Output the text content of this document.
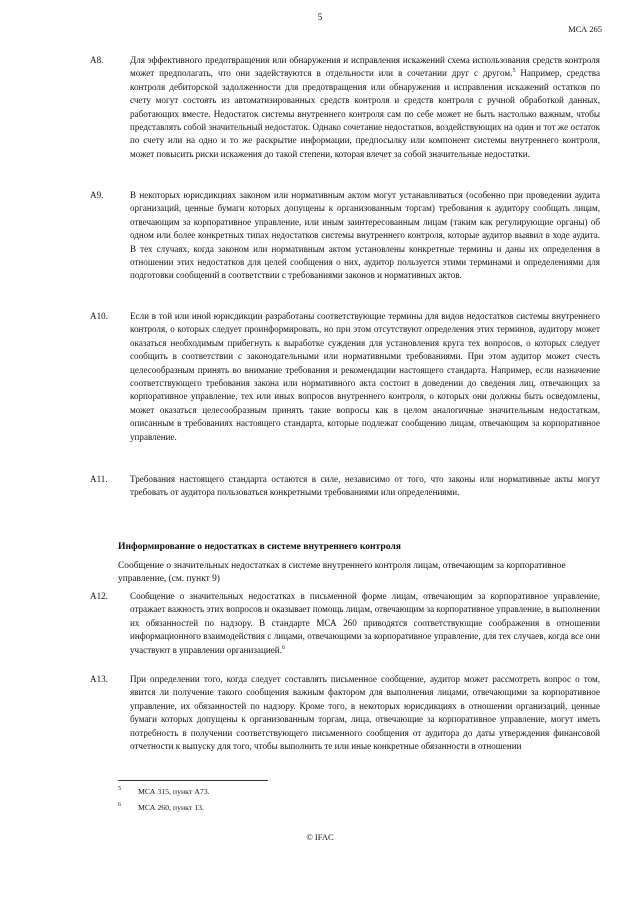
5
МСА 265
A8.	Для эффективного предотвращения или обнаружения и исправления искажений схема использования средств контроля может предполагать, что они задействуются в отдельности или в сочетании друг с другом.$^5$ Например, средства контроля дебиторской задолженности для предотвращения или обнаружения и исправления искажений остатков по счету могут состоять из автоматизированных средств контроля и средств контроля с ручной обработкой данных, работающих вместе. Недостаток системы внутреннего контроля сам по себе может не быть настолько важным, чтобы представлять собой значительный недостаток. Однако сочетание недостатков, воздействующих на один и тот же остаток по счету или на одно и то же раскрытие информации, предпосылку или компонент системы внутреннего контроля, может повысить риски искажения до такой степени, которая влечет за собой значительные недостатки.
A9.	В некоторых юрисдикциях законом или нормативным актом могут устанавливаться (особенно при проведении аудита организаций, ценные бумаги которых допущены к организованным торгам) требования к аудитору сообщать лицам, отвечающим за корпоративное управление, или иным заинтересованным лицам (таким как регулирующие органы) об одном или более конкретных типах недостатков системы внутреннего контроля, которые аудитор выявил в ходе аудита. В тех случаях, когда законом или нормативным актом установлены конкретные термины и даны их определения в отношении этих недостатков для целей сообщения о них, аудитор пользуется этими терминами и определениями для подготовки сообщений в соответствии с требованиями законов и нормативных актов.
A10.	Если в той или иной юрисдикции разработаны соответствующие термины для видов недостатков системы внутреннего контроля, о которых следует проинформировать, но при этом отсутствуют определения этих терминов, аудитору может оказаться необходимым прибегнуть к выработке суждения для установления круга тех вопросов, о которых следует сообщить в соответствии с законодательными или нормативными требованиями. При этом аудитор может счесть целесообразным принять во внимание требования и рекомендации настоящего стандарта. Например, если назначение соответствующего требования закона или нормативного акта состоит в доведении до сведения лиц, отвечающих за корпоративное управление, тех или иных вопросов внутреннего контроля, о которых они должны быть осведомлены, может оказаться целесообразным принять такие вопросы как в целом аналогичные значительным недостаткам, описанным в требованиях настоящего стандарта, которые подлежат сообщению лицам, отвечающим за корпоративное управление.
A11.	Требования настоящего стандарта остаются в силе, независимо от того, что законы или нормативные акты могут требовать от аудитора пользоваться конкретными требованиями или определениями.
Информирование о недостатках в системе внутреннего контроля
Сообщение о значительных недостатках в системе внутреннего контроля лицам, отвечающим за корпоративное управление, (см. пункт 9)
A12.	Сообщение о значительных недостатках в письменной форме лицам, отвечающим за корпоративное управление, отражает важность этих вопросов и оказывает помощь лицам, отвечающим за корпоративное управление, в выполнении их обязанностей по надзору. В стандарте МСА 260 приводятся соответствующие соображения в отношении информационного взаимодействия с лицами, отвечающими за корпоративное управление, для тех случаев, когда все они участвуют в управлении организацией.$^6$
A13.	При определении того, когда следует составлять письменное сообщение, аудитор может рассмотреть вопрос о том, явится ли получение такого сообщения важным фактором для выполнения лицами, отвечающими за корпоративное управление, их обязанностей по надзору. Кроме того, в некоторых юрисдикциях в отношении организаций, ценные бумаги которых допущены к организованным торгам, лица, отвечающие за корпоративное управление, могут иметь потребность в получении соответствующего письменного сообщения от аудитора до даты утверждения финансовой отчетности к выпуску для того, чтобы выполнить те или иные конкретные обязанности в отношении
$^5$ МСА 315, пункт А73.
$^6$ МСА 260, пункт 13.
© IFAC
